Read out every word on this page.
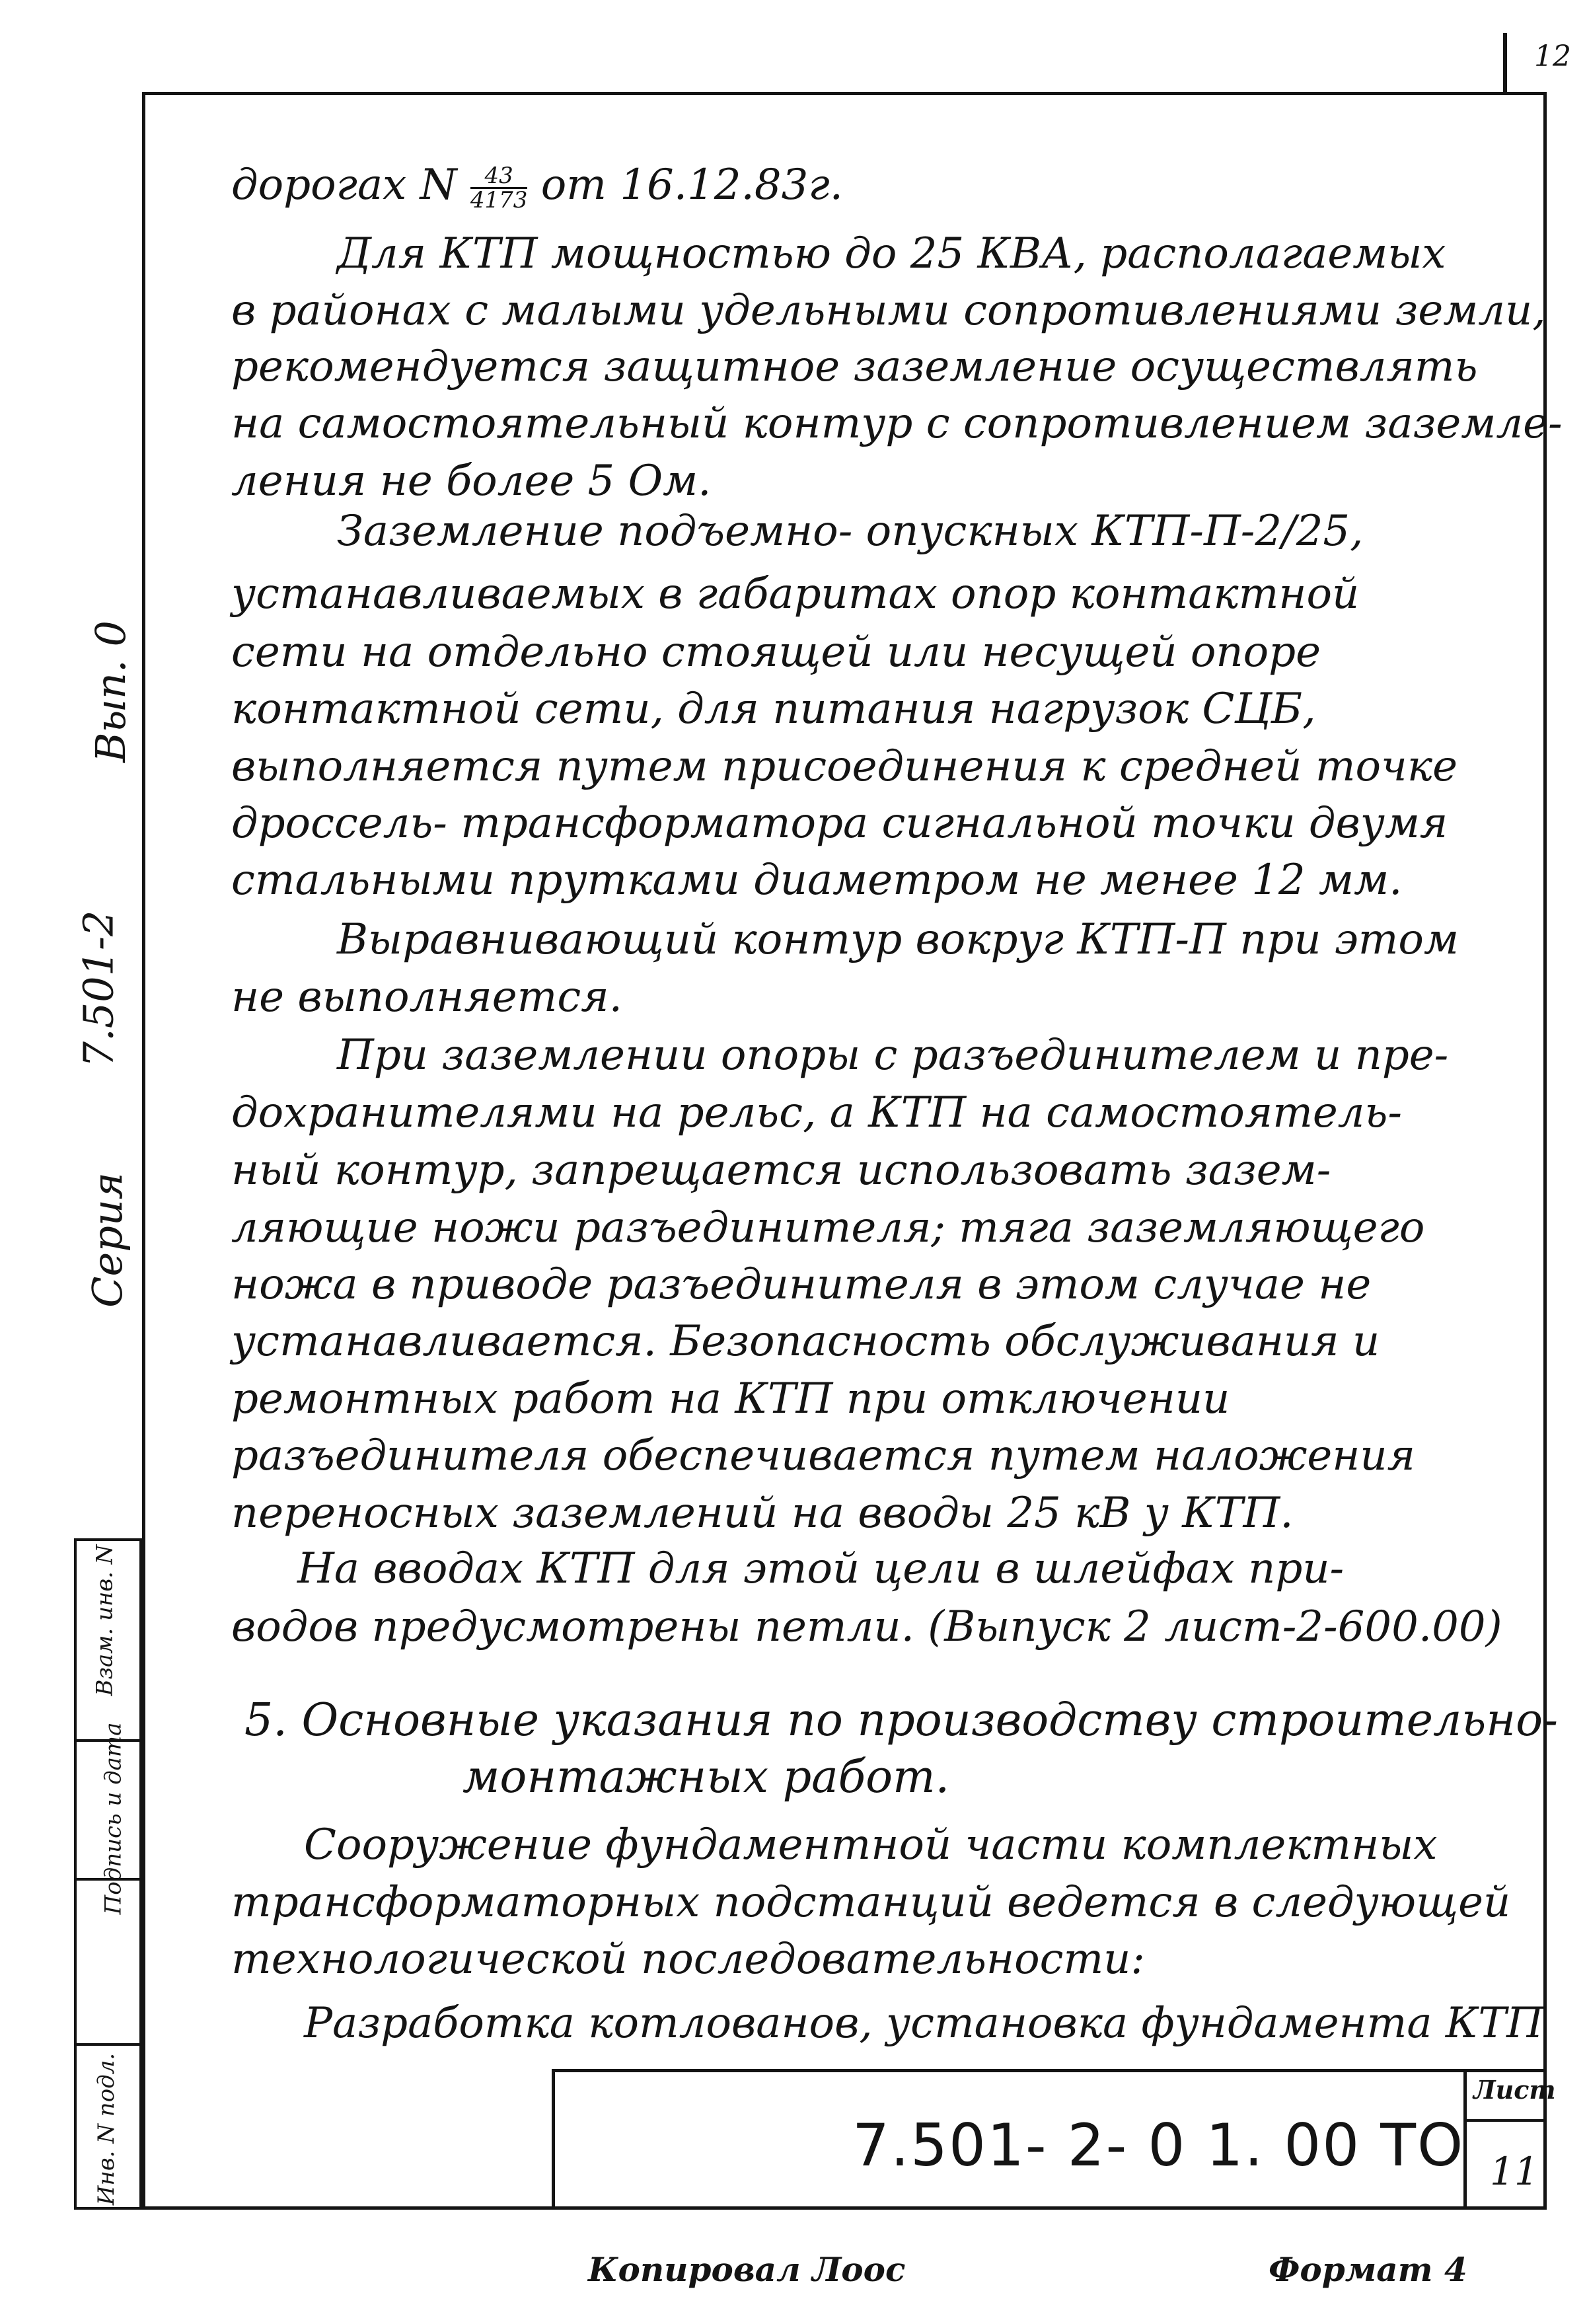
12
дорогах N $\frac{43}{4173}$ от 16.12.83г.
Для КТП мощностью до 25 КВА, располагаемых
в районах с малыми удельными сопротивлениями земли,
рекомендуется защитное заземление осуществлять
на самостоятельный контур с сопротивлением заземле-
ления не более 5 Ом.
Заземление подъемно- опускных КТП-П-2/25,
устанавливаемых в габаритах опор контактной
сети на отдельно стоящей или несущей опоре
контактной сети, для питания нагрузок СЦБ,
выполняется путем присоединения к средней точке
дроссель- трансформатора сигнальной точки двумя
стальными прутками диаметром не менее 12 мм.
Выравнивающий контур вокруг КТП-П при этом
не выполняется.
При заземлении опоры с разъединителем и пре-
дохранителями на рельс, а КТП на самостоятель-
ный контур, запрещается использовать зазем-
ляющие ножи разъединителя; тяга заземляющего
ножа в приводе разъединителя в этом случае не
устанавливается. Безопасность обслуживания и
ремонтных работ на КТП при отключении
разъединителя обеспечивается путем наложения
переносных заземлений на вводы 25 кВ у КТП.
На вводах КТП для этой цели в шлейфах при-
водов предусмотрены петли. (Выпуск 2 лист-2-600.00)
5. Основные указания по производству строительно-
монтажных работ.
Сооружение фундаментной части комплектных
трансформаторных подстанций ведется в следующей
технологической последовательности:
Разработка котлованов, установка фундамента КТП
Вып. 0
7.501-2
Серия
Взам. инв. N
Подпись и дата
Инв. N подл.	7.501- 2- 0 1. 00 ТО
Лист
11
Копировал Лоос	Формат 4
